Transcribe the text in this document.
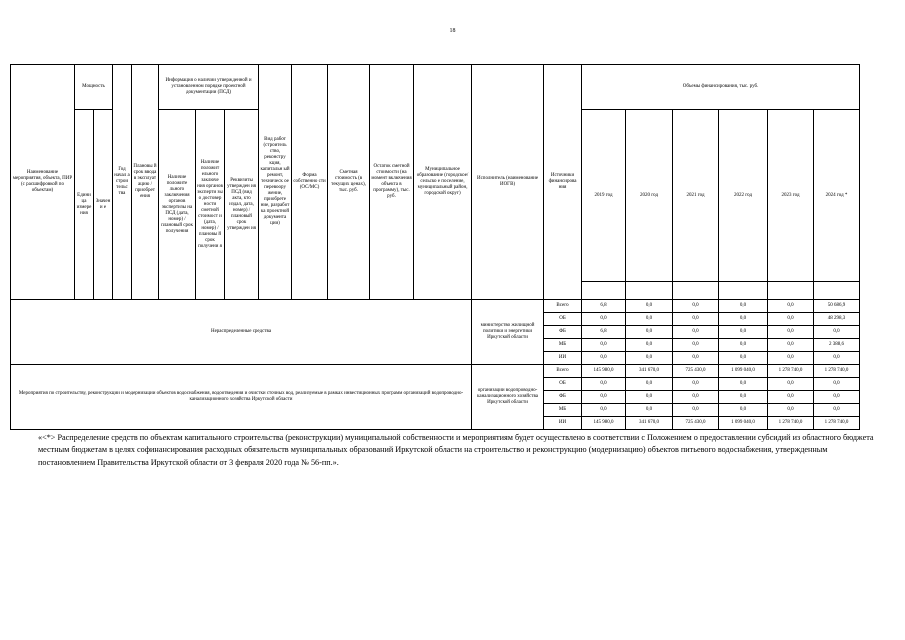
18
Наименование мероприятия, объекта, ПИР (с расшифровкой по объектам)	Мощность		Год начал а строи тельс тва	Плановы й срок ввода в эксплуат ацию / приобрет ения	Информация о наличии утвержденной и установленном порядке проектной документации (ПСД)			Вид работ (строитель ство, реконстру кция, капитальн ый ремонт, техническ ое перевоору жение, приобрете ние, разработ ка проектной документа ции)	Форма собственно сти (ОС/МС)	Сметная стоимость (в текущих ценах), тыс. руб.	Остаток сметной стоимости (на момент включения объекта в программу), тыс. руб.	Муниципальное образование (городское/сельско е поселение, муниципальный район, городской округ)	Исполнитель (наименование ИОГВ)	Источники финансирова ния	Объемы финансирования, тыс. руб.					
	Едини ца измере ния	Значени е			Наличие положите льного заключения органов экспертизы на ПСД (дата, номер) / плановый срок получения	Наличие положит ельного заключе ния органов эксперти зы о достовер ности сметной стоимост и (дата, номер) / плановы й срок получени я	Реквизиты утвержден ия ПСД (вид акта, кто издал, дата, номер) / плановый срок утвержден ия								2019 год	2020 год	2021 год	2022 год	2023 год	2024 год *

Нераспределенные средства													министерство жилищной политики и энергетики Иркутской области	Всего	6,8	0,0	0,0	0,0	0,0	50 686,9
														ОБ	0,0	0,0	0,0	0,0	0,0	48 298,3
														ФБ	6,8	0,0	0,0	0,0	0,0	0,0
														МБ	0,0	0,0	0,0	0,0	0,0	2 388,6
														ИИ	0,0	0,0	0,0	0,0	0,0	0,0
Мероприятия по строительству, реконструкции и модернизации объектов водоснабжения, водоотведения и очистки сточных вод, реализуемые в рамках инвестиционных программ организаций водопроводно-канализационного хозяйства Иркутской области													организации водопроводно-канализационного хозяйства Иркутской области	Всего	145 980,0	341 670,0	725 430,0	1 099 040,0	1 278 740,0	1 278 740,0
														ОБ	0,0	0,0	0,0	0,0	0,0	0,0
														ФБ	0,0	0,0	0,0	0,0	0,0	0,0
														МБ	0,0	0,0	0,0	0,0	0,0	0,0
														ИИ	145 980,0	341 670,0	725 430,0	1 099 040,0	1 278 740,0	1 278 740,0
«<*> Распределение средств по объектам капитального строительства (реконструкции) муниципальной собственности и мероприятиям будет осуществлено в соответствии с Положением о предоставлении субсидий из областного бюджета местным бюджетам в целях софинансирования расходных обязательств муниципальных образований Иркутской области на строительство и реконструкцию (модернизацию) объектов питьевого водоснабжения, утвержденным постановлением Правительства Иркутской области от 3 февраля 2020 года № 56-пп.».
